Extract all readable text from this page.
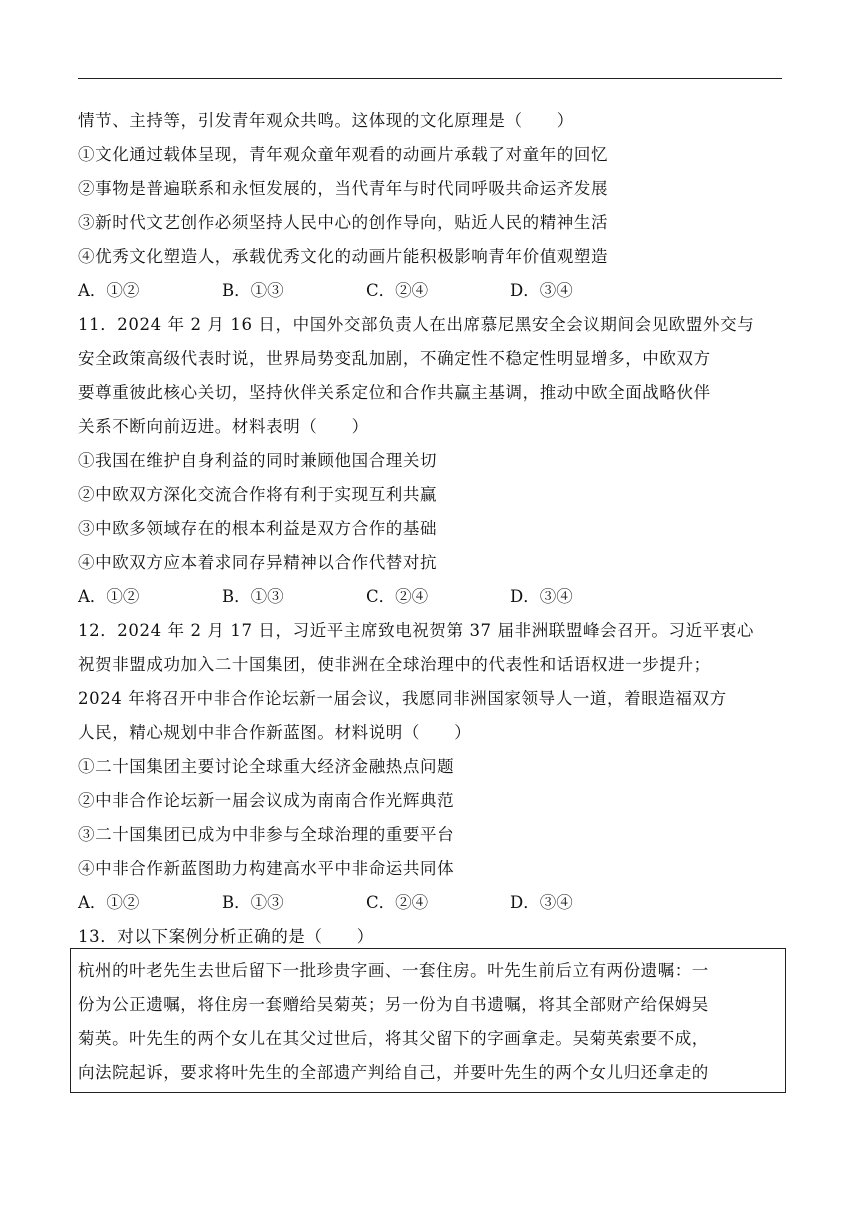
情节、主持等，引发青年观众共鸣。这体现的文化原理是（　　）
①文化通过载体呈现，青年观众童年观看的动画片承载了对童年的回忆
②事物是普遍联系和永恒发展的，当代青年与时代同呼吸共命运齐发展
③新时代文艺创作必须坚持人民中心的创作导向，贴近人民的精神生活
④优秀文化塑造人，承载优秀文化的动画片能积极影响青年价值观塑造
A．①②	B．①③	C．②④	D．③④
11．2024 年 2 月 16 日，中国外交部负责人在出席慕尼黑安全会议期间会见欧盟外交与
安全政策高级代表时说，世界局势变乱加剧，不确定性不稳定性明显增多，中欧双方
要尊重彼此核心关切，坚持伙伴关系定位和合作共赢主基调，推动中欧全面战略伙伴
关系不断向前迈进。材料表明（　　）
①我国在维护自身利益的同时兼顾他国合理关切
②中欧双方深化交流合作将有利于实现互利共赢
③中欧多领域存在的根本利益是双方合作的基础
④中欧双方应本着求同存异精神以合作代替对抗
A．①②	B．①③	C．②④	D．③④
12．2024 年 2 月 17 日，习近平主席致电祝贺第 37 届非洲联盟峰会召开。习近平衷心
祝贺非盟成功加入二十国集团，使非洲在全球治理中的代表性和话语权进一步提升；
2024 年将召开中非合作论坛新一届会议，我愿同非洲国家领导人一道，着眼造福双方
人民，精心规划中非合作新蓝图。材料说明（　　）
①二十国集团主要讨论全球重大经济金融热点问题
②中非合作论坛新一届会议成为南南合作光辉典范
③二十国集团已成为中非参与全球治理的重要平台
④中非合作新蓝图助力构建高水平中非命运共同体
A．①②	B．①③	C．②④	D．③④
13．对以下案例分析正确的是（　　）
杭州的叶老先生去世后留下一批珍贵字画、一套住房。叶先生前后立有两份遗嘱：一
份为公正遗嘱，将住房一套赠给吴菊英；另一份为自书遗嘱，将其全部财产给保姆吴
菊英。叶先生的两个女儿在其父过世后，将其父留下的字画拿走。吴菊英索要不成，
向法院起诉，要求将叶先生的全部遗产判给自己，并要叶先生的两个女儿归还拿走的
